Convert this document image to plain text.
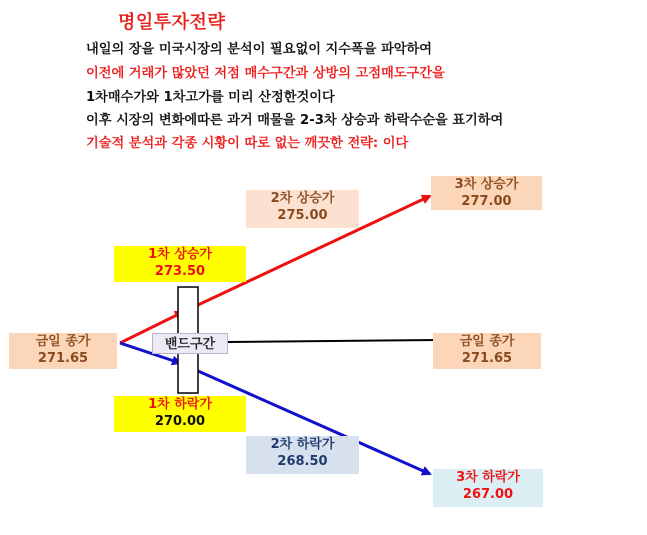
명일투자전략
내일의 장을 미국시장의 분석이 필요없이 지수폭을 파악하여
이전에 거래가 많았던 저점 매수구간과 상방의 고점매도구간을
1차매수가와 1차고가를 미리 산정한것이다
이후 시장의 변화에따른 과거 매물을 2-3차 상승과 하락수순을 표기하여
기술적 분석과 각종 시황이 따로 없는 깨끗한 전략: 이다
밴드구간
금일 종가
271.65
금일 종가
271.65
1차 상승가
273.50
2차 상승가
275.00
3차 상승가
277.00
1차 하락가
270.00
2차 하락가
268.50
3차 하락가
267.00
